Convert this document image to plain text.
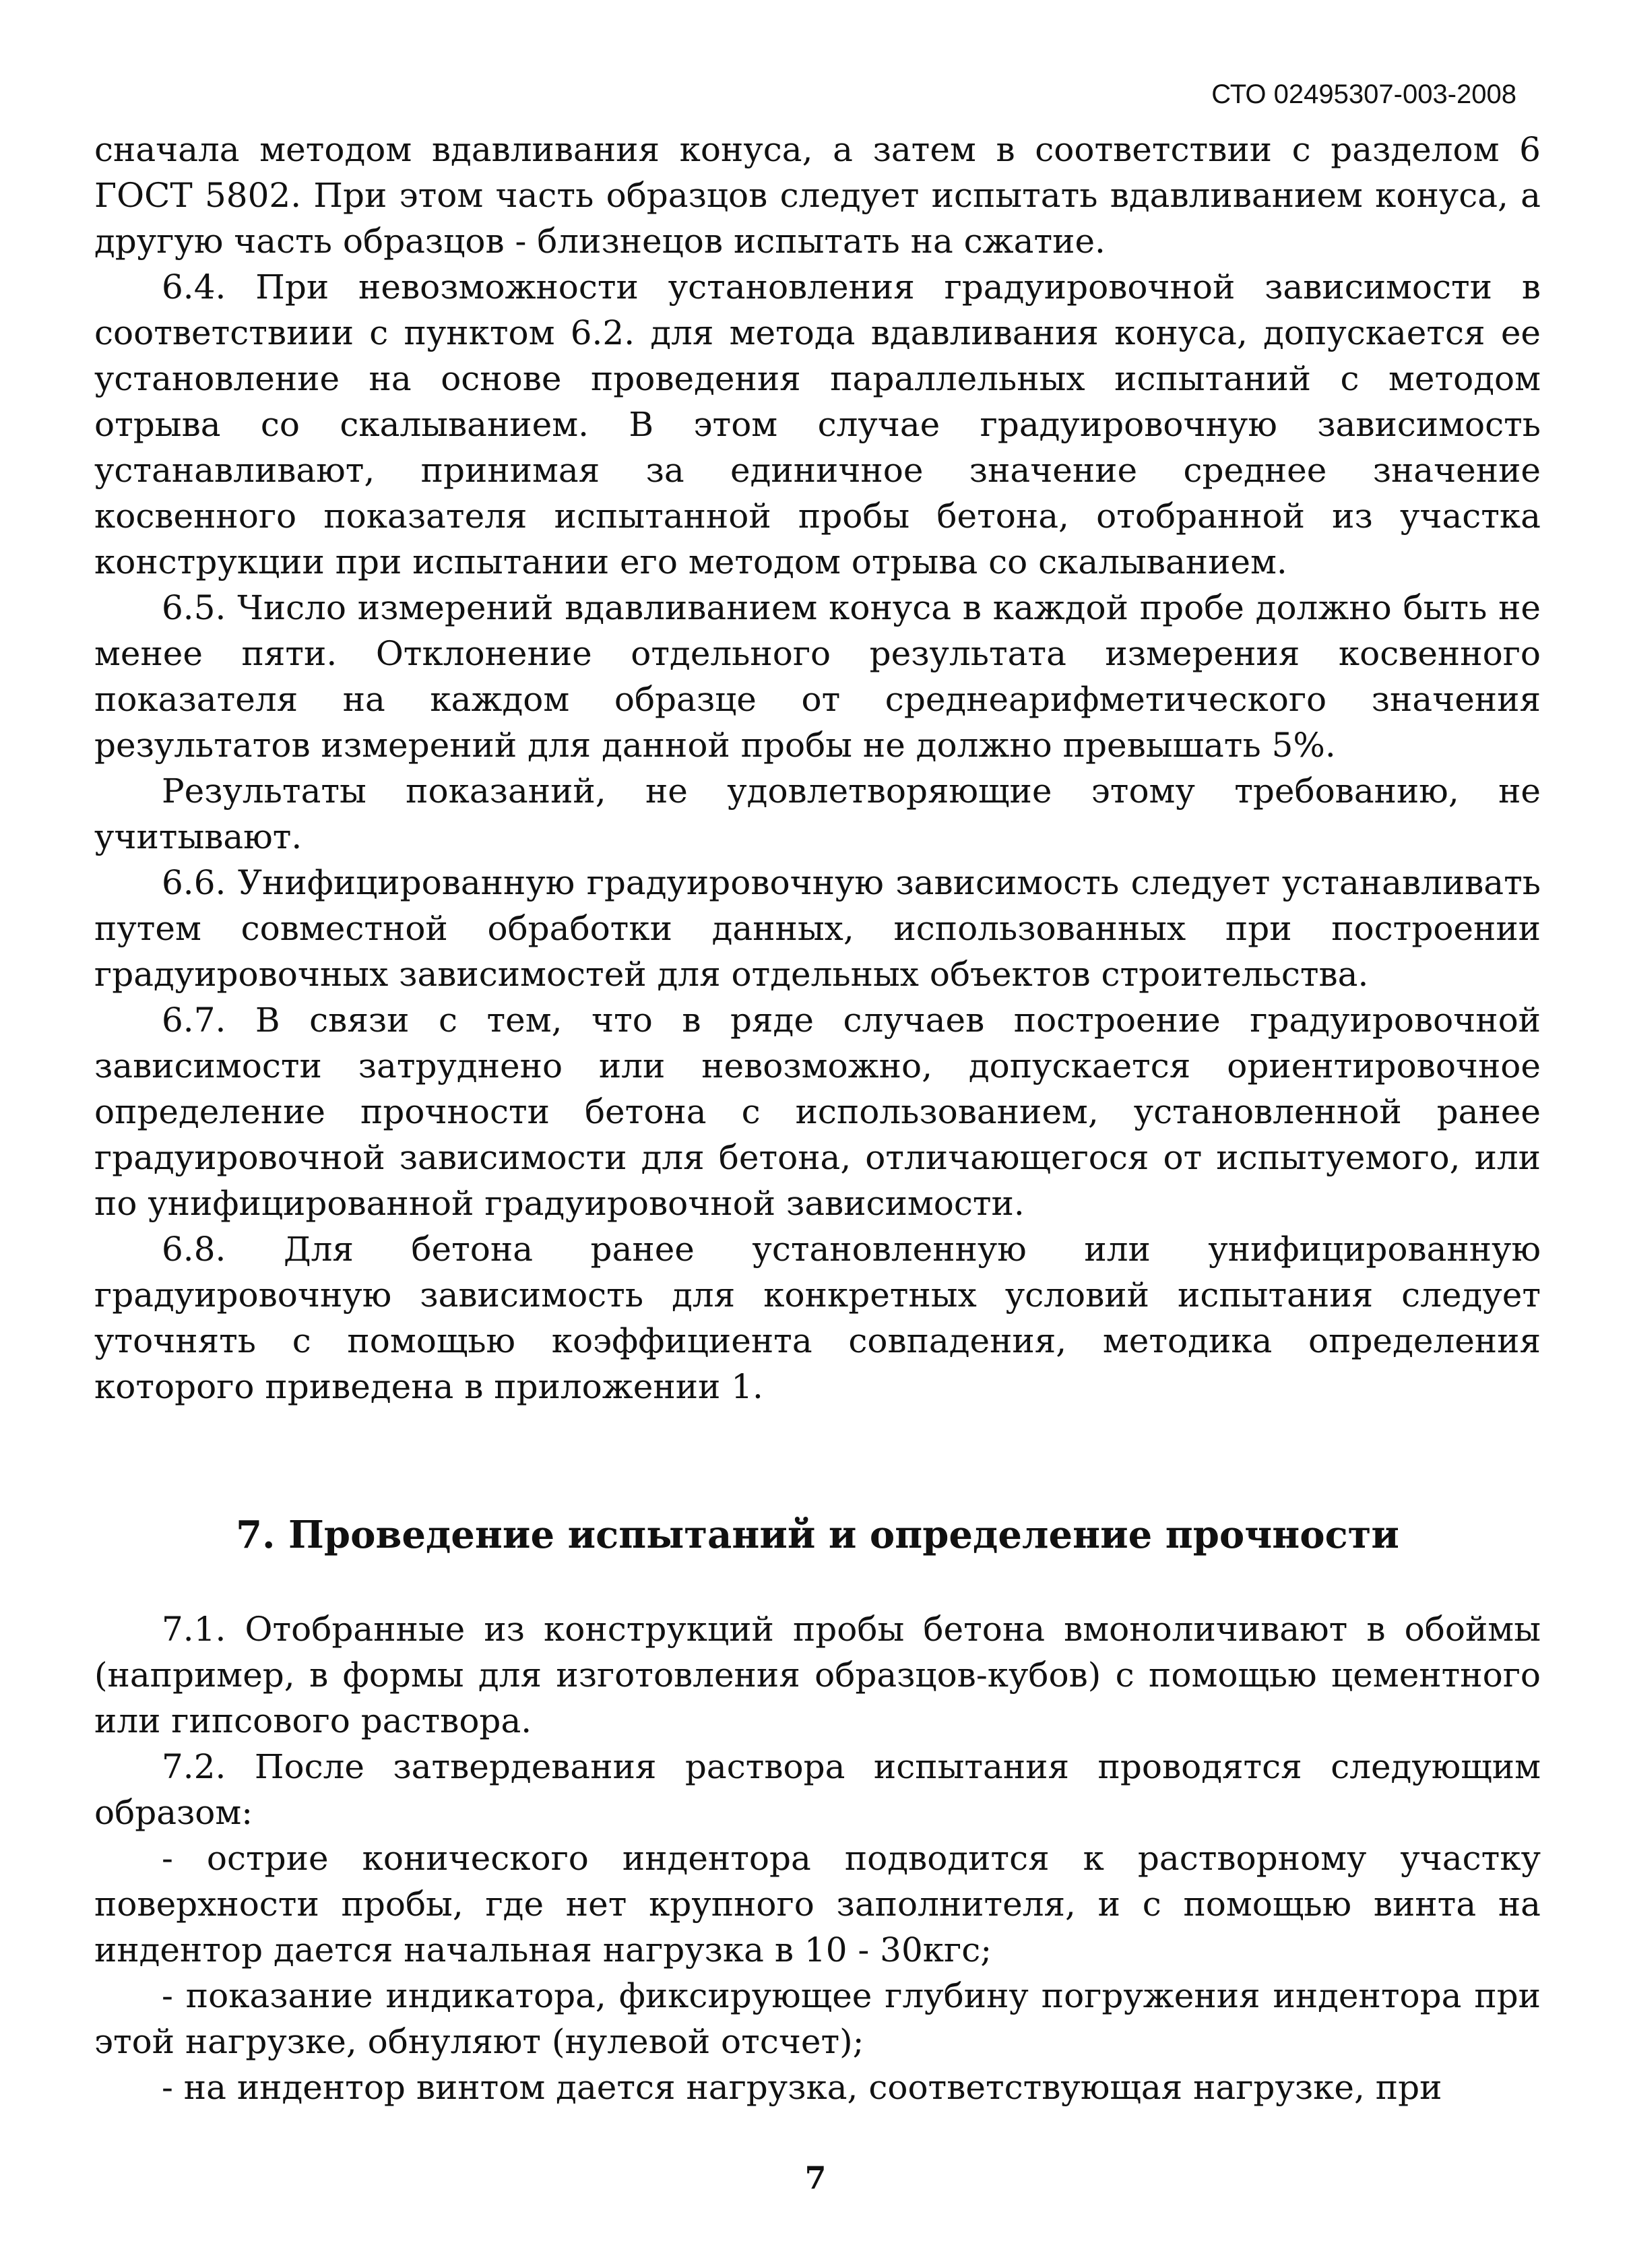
СТО 02495307-003-2008

сначала методом вдавливания конуса, а затем в соответствии с разделом 6 ГОСТ 5802. При этом часть образцов следует испытать вдавливанием конуса, а другую часть образцов - близнецов испытать на сжатие.

6.4. При невозможности установления градуировочной зависимости в соответствиии с пунктом 6.2. для метода вдавливания конуса, допускается ее установление на основе проведения параллельных испытаний с методом отрыва со скалыванием. В этом случае градуировочную зависимость устанавливают, принимая за единичное значение среднее значение косвенного показателя испытанной пробы бетона, отобранной из участка конструкции при испытании его методом отрыва со скалыванием.

6.5. Число измерений вдавливанием конуса в каждой пробе должно быть не менее пяти. Отклонение отдельного результата измерения косвенного показателя на каждом образце от среднеарифметического значения результатов измерений для данной пробы не должно превышать 5%.

Результаты показаний, не удовлетворяющие этому требованию, не учитывают.

6.6. Унифицированную градуировочную зависимость следует устанавливать путем совместной обработки данных, использованных при построении градуировочных зависимостей для отдельных объектов строительства.

6.7. В связи с тем, что в ряде случаев построение градуировочной зависимости затруднено или невозможно, допускается ориентировочное определение прочности бетона с использованием, установленной ранее градуировочной зависимости для бетона, отличающегося от испытуемого, или по унифицированной градуировочной зависимости.

6.8. Для бетона ранее установленную или унифицированную градуировочную зависимость для конкретных условий испытания следует уточнять с помощью коэффициента совпадения, методика определения которого приведена в приложении 1.

7. Проведение испытаний и определение прочности

7.1. Отобранные из конструкций пробы бетона вмоноличивают в обоймы (например, в формы для изготовления образцов-кубов) с помощью цементного или гипсового раствора.

7.2. После затвердевания раствора испытания проводятся следующим образом:

- острие конического индентора подводится к растворному участку поверхности пробы, где нет крупного заполнителя, и с помощью винта на индентор дается начальная нагрузка в 10 - 30кгс;

- показание индикатора, фиксирующее глубину погружения индентора при этой нагрузке, обнуляют (нулевой отсчет);

- на индентор винтом дается нагрузка, соответствующая нагрузке, при

7
